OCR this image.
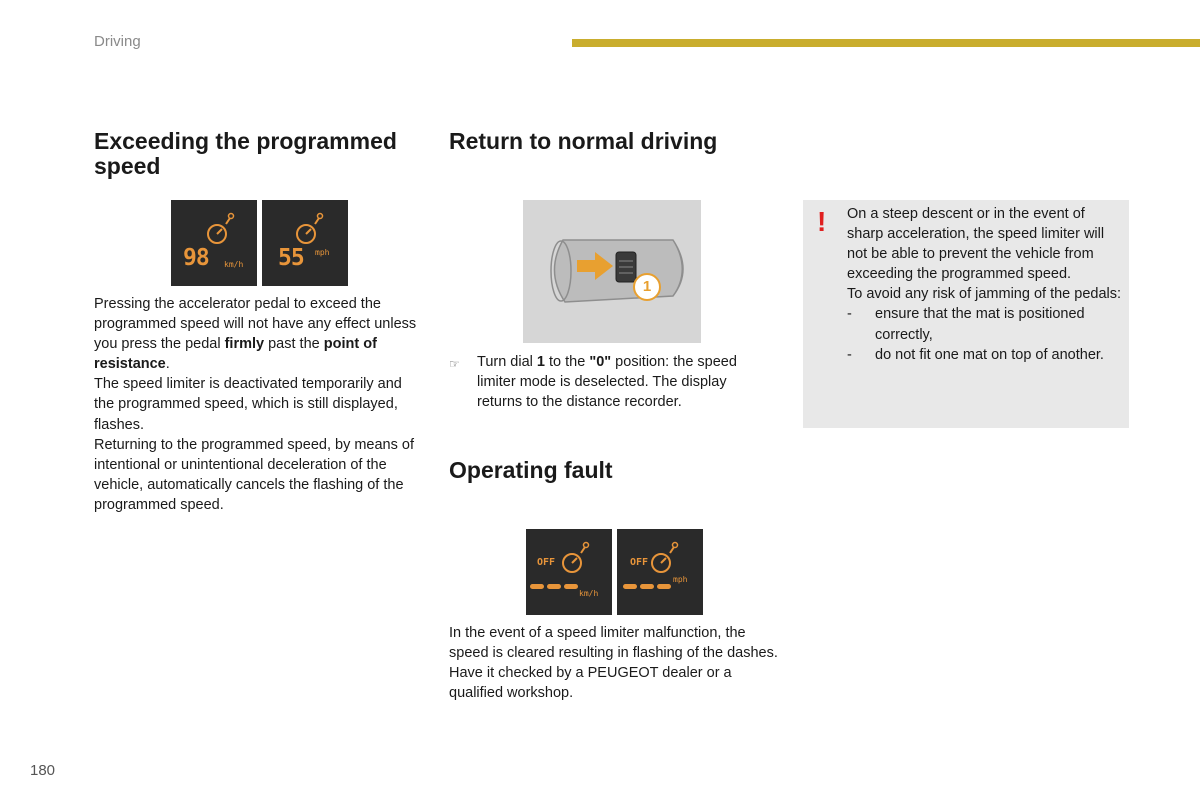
Driving
180
Exceeding the programmed speed
98 km/h 55 mph

Pressing the accelerator pedal to exceed the programmed speed will not have any effect unless you press the pedal firmly past the point of resistance.

The speed limiter is deactivated temporarily and the programmed speed, which is still displayed, flashes.

Returning to the programmed speed, by means of intentional or unintentional deceleration of the vehicle, automatically cancels the flashing of the programmed speed.

Return to normal driving
1
☞	Turn dial 1 to the "0" position: the speed limiter mode is deselected. The display returns to the distance recorder.

Operating fault
OFF
km/h
OFF
mph

In the event of a speed limiter malfunction, the speed is cleared resulting in flashing of the dashes.

Have it checked by a PEUGEOT dealer or a qualified workshop.

! On a steep descent or in the event of sharp acceleration, the speed limiter will not be able to prevent the vehicle from exceeding the programmed speed.

To avoid any risk of jamming of the pedals:

-	ensure that the mat is positioned correctly,
-	do not fit one mat on top of another.
